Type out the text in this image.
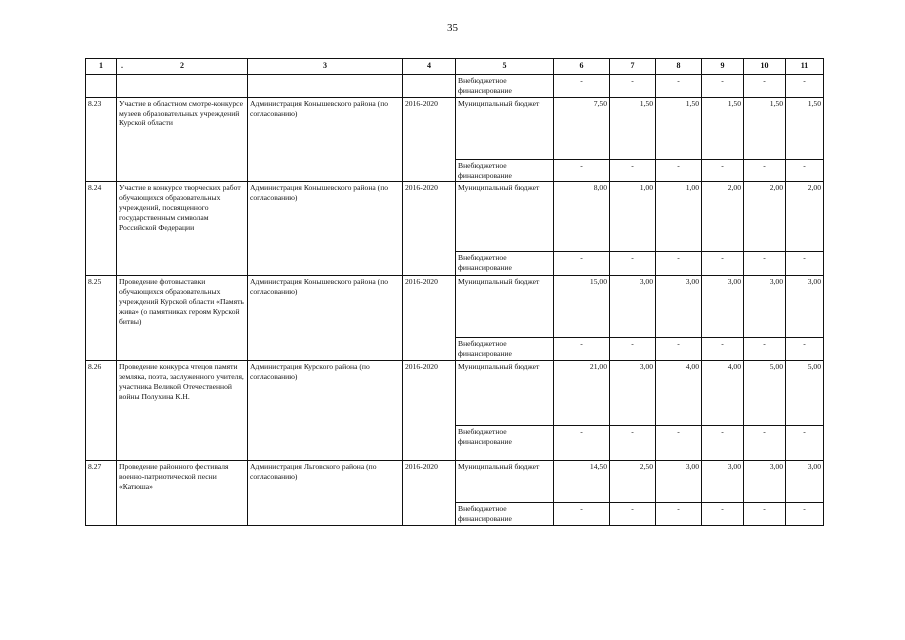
35
1	. 2	3	4	5	6	7	8	9	10	11
				Внебюджетное финансирование	-	-	-	-	-	-
8.23	Участие в областном смотре-конкурсе музеев образовательных учреждений Курской области	Администрация Конышевского района (по согласованию)	2016-2020	Муниципальный бюджет	7,50	1,50	1,50	1,50	1,50	1,50
				Внебюджетное финансирование	-	-	-	-	-	-
8.24	Участие в конкурсе творческих работ обучающихся образовательных учреждений, посвященного государственным символам Российской Федерации	Администрация Конышевского района (по согласованию)	2016-2020	Муниципальный бюджет	8,00	1,00	1,00	2,00	2,00	2,00
				Внебюджетное финансирование	-	-	-	-	-	-
8.25	Проведение фотовыставки обучающихся образовательных учреждений Курской области «Память жива» (о памятниках героям Курской битвы)	Администрация Конышевского района (по согласованию)	2016-2020	Муниципальный бюджет	15,00	3,00	3,00	3,00	3,00	3,00
				Внебюджетное финансирование	-	-	-	-	-	-
8.26	Проведение конкурса чтецов памяти земляка, поэта, заслуженного учителя, участника Великой Отечественной войны Полухина К.Н.	Администрация Курского района (по согласованию)	2016-2020	Муниципальный бюджет	21,00	3,00	4,00	4,00	5,00	5,00
				Внебюджетное финансирование	-	-	-	-	-	-
8.27	Проведение районного фестиваля военно-патриотической песни «Катюша»	Администрация Льговского района (по согласованию)	2016-2020	Муниципальный бюджет	14,50	2,50	3,00	3,00	3,00	3,00
				Внебюджетное финансирование	-	-	-	-	-	-
